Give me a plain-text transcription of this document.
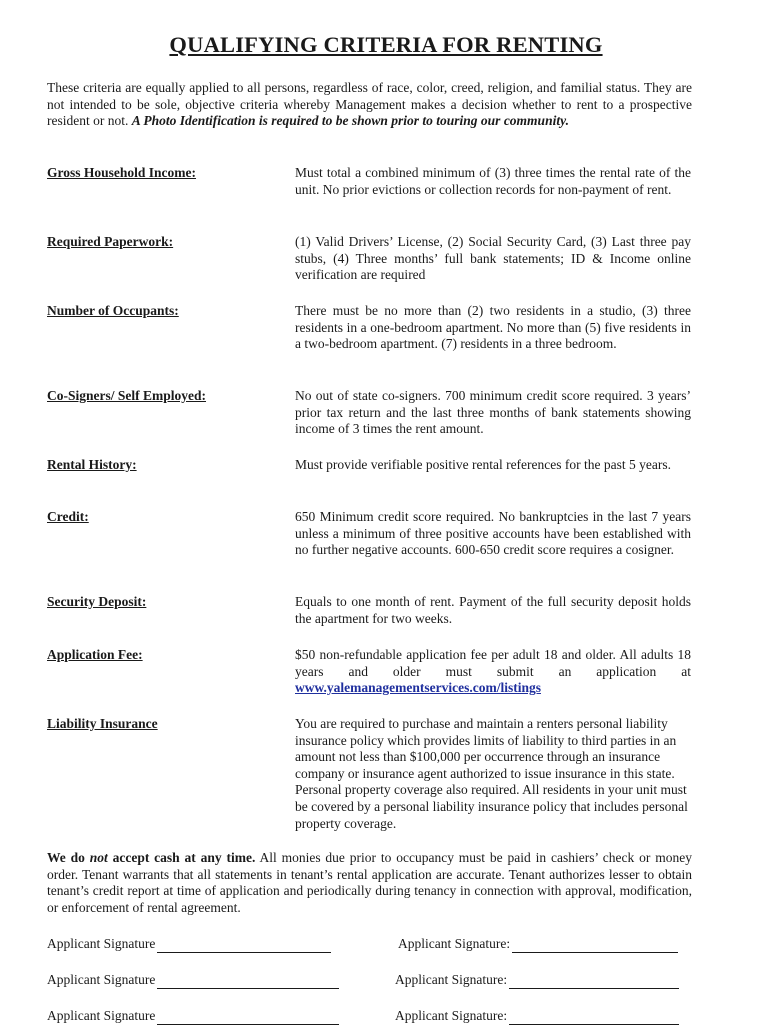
QUALIFYING CRITERIA FOR RENTING

These criteria are equally applied to all persons, regardless of race, color, creed, religion, and familial status. They are not intended to be sole, objective criteria whereby Management makes a decision whether to rent to a prospective resident or not. A Photo Identification is required to be shown prior to touring our community.

Gross Household Income:	Must total a combined minimum of (3) three times the rental rate of the unit. No prior evictions or collection records for non-payment of rent.

Required Paperwork:	(1) Valid Drivers’ License, (2) Social Security Card, (3) Last three pay stubs, (4) Three months’ full bank statements; ID & Income online verification are required

Number of Occupants:	There must be no more than (2) two residents in a studio, (3) three residents in a one-bedroom apartment. No more than (5) five residents in a two-bedroom apartment. (7) residents in a three bedroom.

Co-Signers/ Self Employed:	No out of state co-signers. 700 minimum credit score required. 3 years’ prior tax return and the last three months of bank statements showing income of 3 times the rent amount.

Rental History:	Must provide verifiable positive rental references for the past 5 years.

Credit:	650 Minimum credit score required. No bankruptcies in the last 7 years unless a minimum of three positive accounts have been established with no further negative accounts. 600-650 credit score requires a cosigner.

Security Deposit:	Equals to one month of rent. Payment of the full security deposit holds the apartment for two weeks.

Application Fee:	$50 non-refundable application fee per adult 18 and older. All adults 18 years and older must submit an application at www.yalemanagementservices.com/listings

Liability Insurance	You are required to purchase and maintain a renters personal liability insurance policy which provides limits of liability to third parties in an amount not less than $100,000 per occurrence through an insurance company or insurance agent authorized to issue insurance in this state. Personal property coverage also required. All residents in your unit must be covered by a personal liability insurance policy that includes personal property coverage.

We do not accept cash at any time. All monies due prior to occupancy must be paid in cashiers’ check or money order. Tenant warrants that all statements in tenant’s rental application are accurate. Tenant authorizes lesser to obtain tenant’s credit report at time of application and periodically during tenancy in connection with approval, modification, or enforcement of rental agreement.

Applicant Signature	Applicant Signature:
Applicant Signature	Applicant Signature:
Applicant Signature	Applicant Signature:
